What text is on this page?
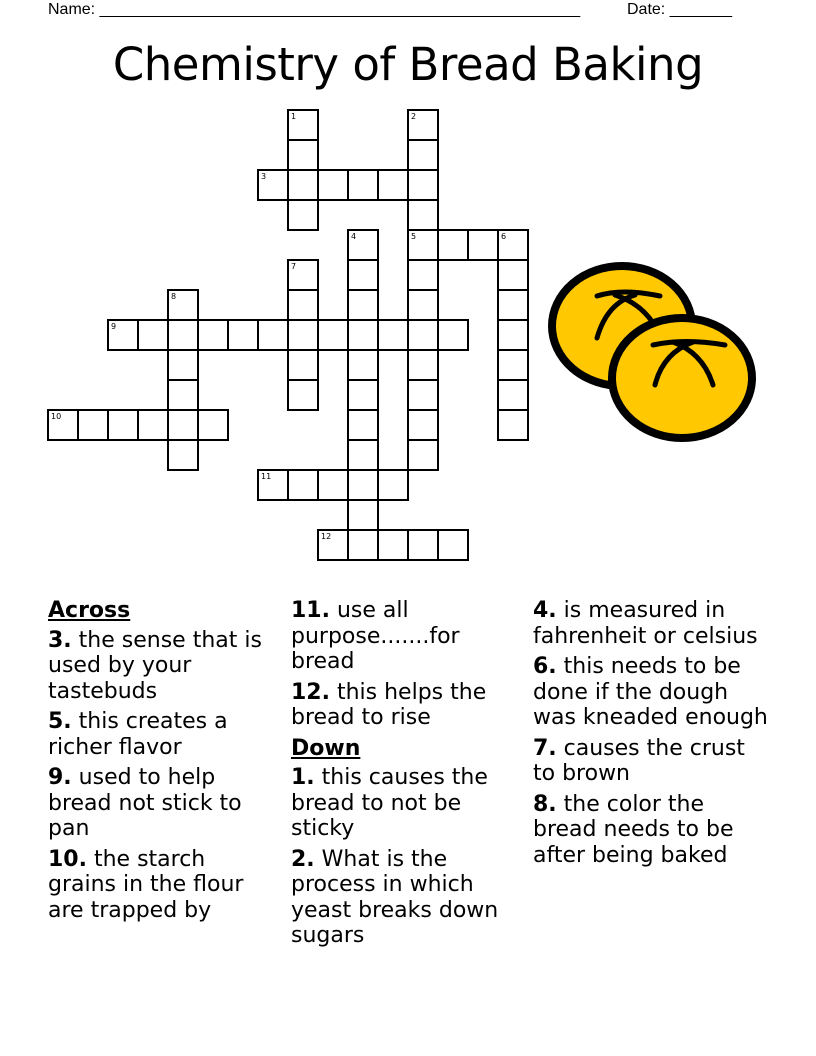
Name: ______________________________________________________	Date: _______
Chemistry of Bread Baking
1	2
5
3
4	6
7
8
9
10
11
12
Across
3. the sense that is used by your tastebuds
5. this creates a richer flavor
9. used to help bread not stick to pan
10. the starch grains in the flour are trapped by
11. use all purpose.......for bread
12. this helps the bread to rise
Down
1. this causes the bread to not be sticky
2. What is the process in which yeast breaks down sugars
4. is measured in fahrenheit or celsius
6. this needs to be done if the dough was kneaded enough
7. causes the crust to brown
8. the color the bread needs to be after being baked
